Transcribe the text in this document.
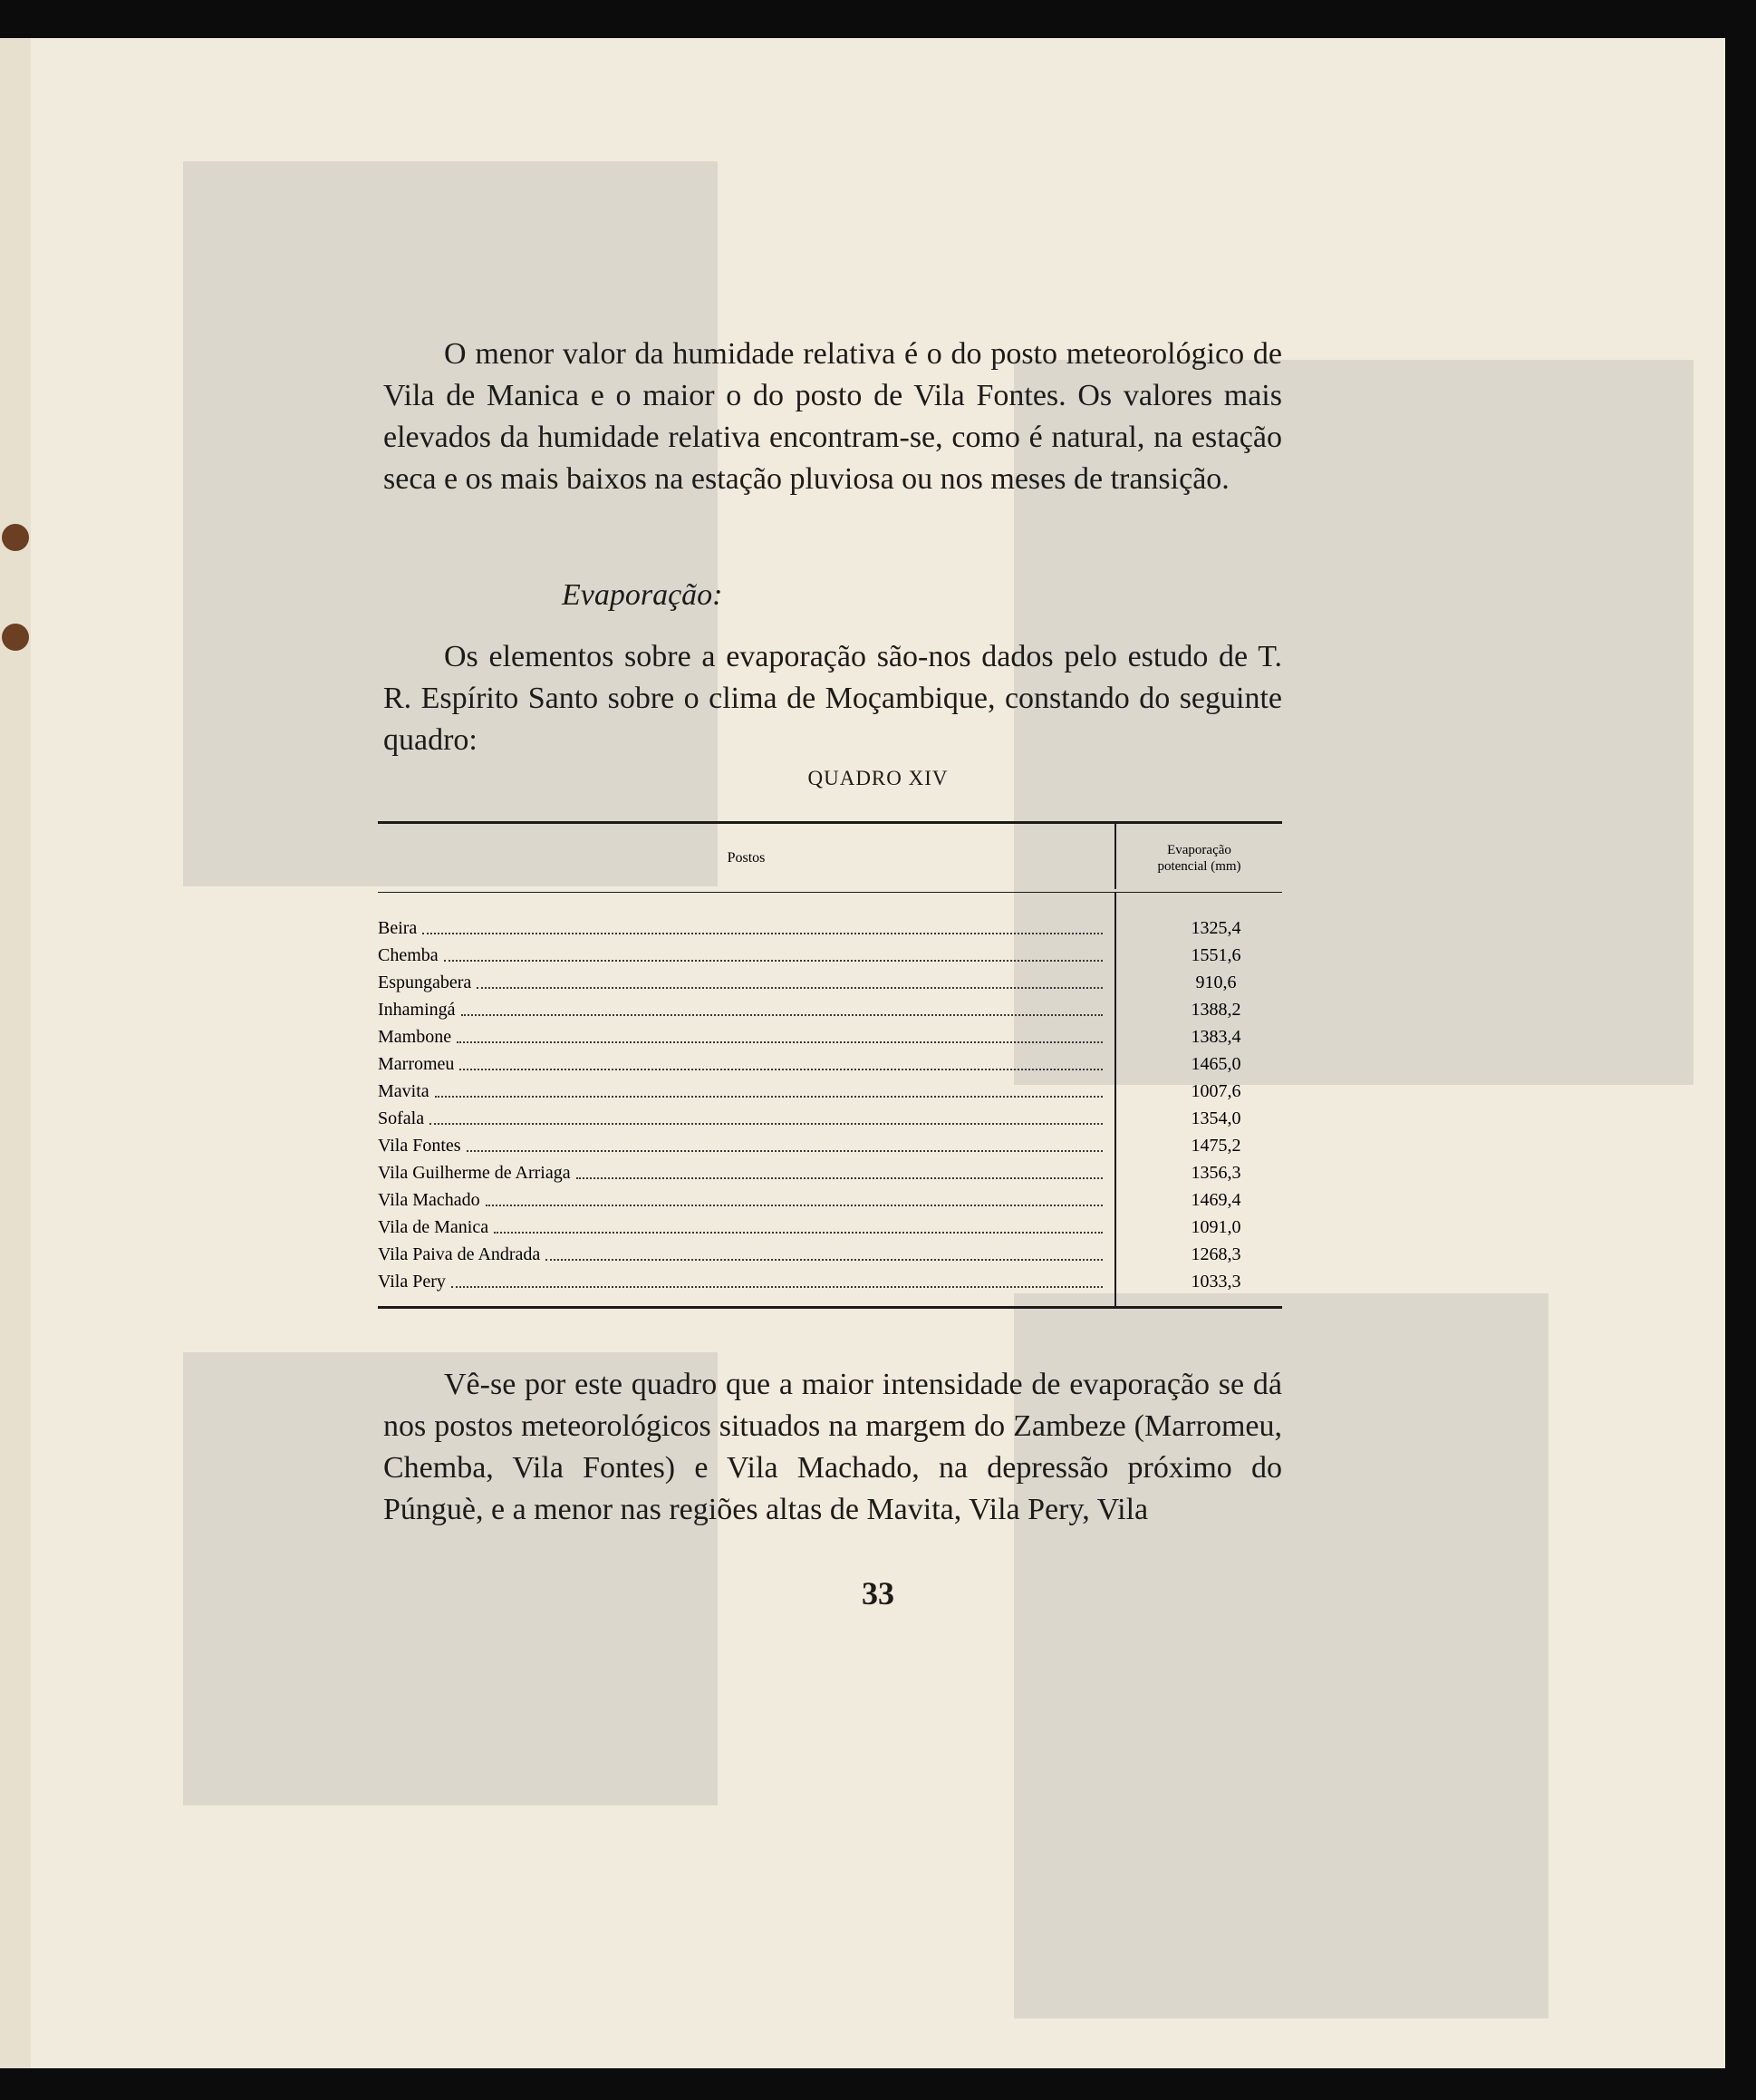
O menor valor da humidade relativa é o do posto meteorológico de Vila de Manica e o maior o do posto de Vila Fontes. Os valores mais elevados da humidade relativa encontram-se, como é natural, na estação seca e os mais baixos na estação pluviosa ou nos meses de transição.

Evaporação:

Os elementos sobre a evaporação são-nos dados pelo estudo de T. R. Espírito Santo sobre o clima de Moçambique, constando do seguinte quadro:

QUADRO XIV
Postos	Evaporação
potencial (mm)
Beira	1325,4
Chemba	1551,6
Espungabera	910,6
Inhamingá	1388,2
Mambone	1383,4
Marromeu	1465,0
Mavita	1007,6
Sofala	1354,0
Vila Fontes	1475,2
Vila Guilherme de Arriaga	1356,3
Vila Machado	1469,4
Vila de Manica	1091,0
Vila Paiva de Andrada	1268,3
Vila Pery	1033,3

Vê-se por este quadro que a maior intensidade de evaporação se dá nos postos meteorológicos situados na margem do Zambeze (Marromeu, Chemba, Vila Fontes) e Vila Machado, na depressão próximo do Púnguè, e a menor nas regiões altas de Mavita, Vila Pery, Vila

33
